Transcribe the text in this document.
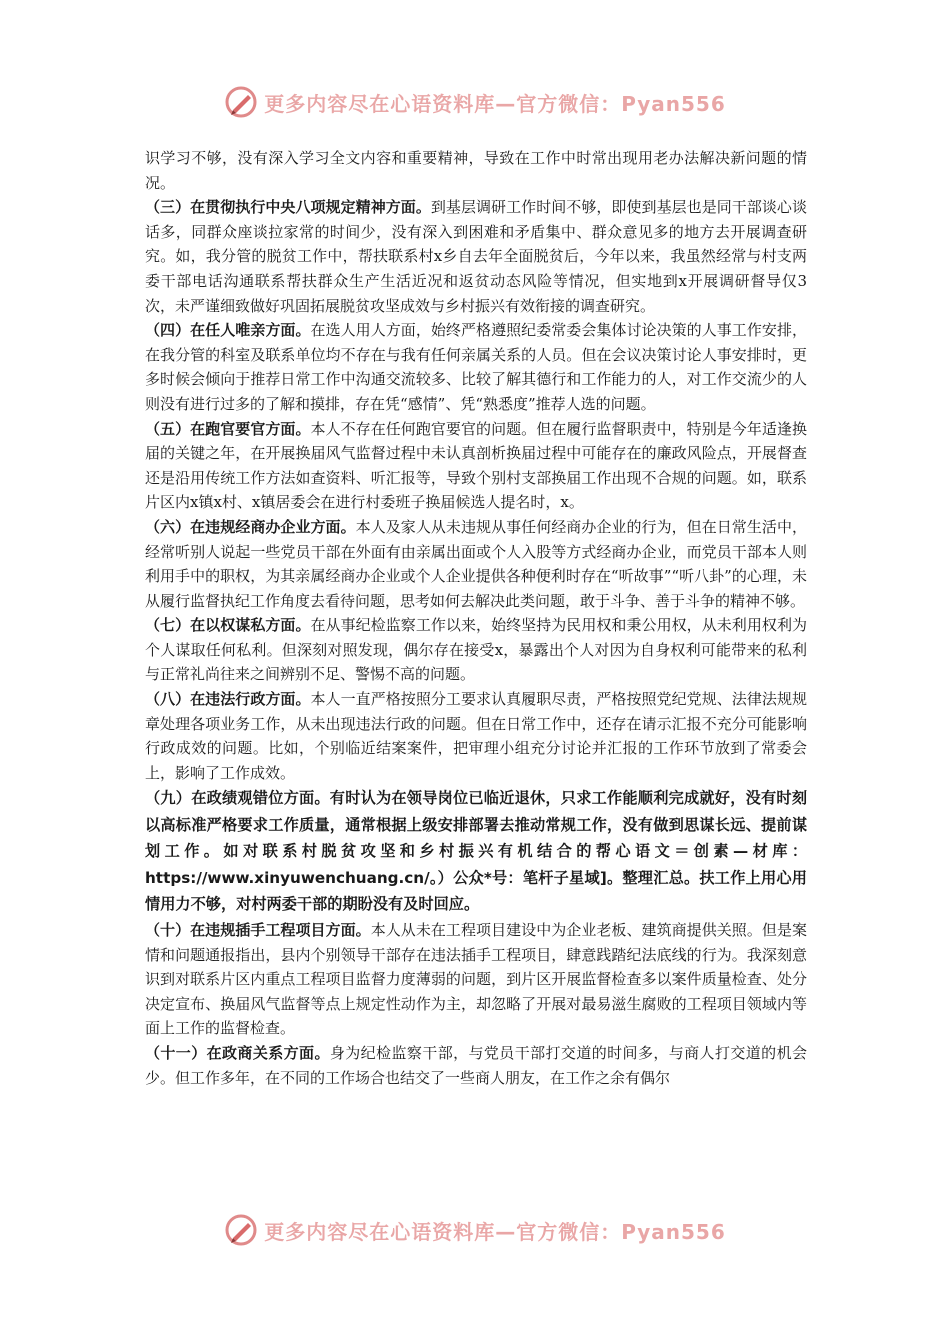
更多内容尽在心语资料库—官方微信：Pyan556

识学习不够，没有深入学习全文内容和重要精神，导致在工作中时常出现用老办法解决新问题的情况。

（三）在贯彻执行中央八项规定精神方面。到基层调研工作时间不够，即使到基层也是同干部谈心谈话多，同群众座谈拉家常的时间少，没有深入到困难和矛盾集中、群众意见多的地方去开展调查研究。如，我分管的脱贫工作中，帮扶联系村x乡自去年全面脱贫后，今年以来，我虽然经常与村支两委干部电话沟通联系帮扶群众生产生活近况和返贫动态风险等情况，但实地到x开展调研督导仅3次，未严谨细致做好巩固拓展脱贫攻坚成效与乡村振兴有效衔接的调查研究。

（四）在任人唯亲方面。在选人用人方面，始终严格遵照纪委常委会集体讨论决策的人事工作安排，在我分管的科室及联系单位均不存在与我有任何亲属关系的人员。但在会议决策讨论人事安排时，更多时候会倾向于推荐日常工作中沟通交流较多、比较了解其德行和工作能力的人，对工作交流少的人则没有进行过多的了解和摸排，存在凭“感情”、凭“熟悉度”推荐人选的问题。

（五）在跑官要官方面。本人不存在任何跑官要官的问题。但在履行监督职责中，特别是今年适逢换届的关键之年，在开展换届风气监督过程中未认真剖析换届过程中可能存在的廉政风险点，开展督查还是沿用传统工作方法如查资料、听汇报等，导致个别村支部换届工作出现不合规的问题。如，联系片区内x镇x村、x镇居委会在进行村委班子换届候选人提名时，x。

（六）在违规经商办企业方面。本人及家人从未违规从事任何经商办企业的行为，但在日常生活中，经常听别人说起一些党员干部在外面有由亲属出面或个人入股等方式经商办企业，而党员干部本人则利用手中的职权，为其亲属经商办企业或个人企业提供各种便利时存在“听故事”“听八卦”的心理，未从履行监督执纪工作角度去看待问题，思考如何去解决此类问题，敢于斗争、善于斗争的精神不够。

（七）在以权谋私方面。在从事纪检监察工作以来，始终坚持为民用权和秉公用权，从未利用权利为个人谋取任何私利。但深刻对照发现，偶尔存在接受x，暴露出个人对因为自身权利可能带来的私利与正常礼尚往来之间辨别不足、警惕不高的问题。

（八）在违法行政方面。本人一直严格按照分工要求认真履职尽责，严格按照党纪党规、法律法规规章处理各项业务工作，从未出现违法行政的问题。但在日常工作中，还存在请示汇报不充分可能影响行政成效的问题。比如，个别临近结案案件，把审理小组充分讨论并汇报的工作环节放到了常委会上，影响了工作成效。

（九）在政绩观错位方面。有时认为在领导岗位已临近退休，只求工作能顺利完成就好，没有时刻以高标准严格要求工作质量，通常根据上级安排部署去推动常规工作，没有做到思谋长远、提前谋划工作。如对联系村脱贫攻坚和乡村振兴有机结合的帮心语文＝创素—材库：https://www.xinyuwenchuang.cn/。）公众*号：笔杆子星域]。整理汇总。扶工作上用心用情用力不够，对村两委干部的期盼没有及时回应。

（十）在违规插手工程项目方面。本人从未在工程项目建设中为企业老板、建筑商提供关照。但是案情和问题通报指出，县内个别领导干部存在违法插手工程项目，肆意践踏纪法底线的行为。我深刻意识到对联系片区内重点工程项目监督力度薄弱的问题，到片区开展监督检查多以案件质量检查、处分决定宣布、换届风气监督等点上规定性动作为主，却忽略了开展对最易滋生腐败的工程项目领域内等面上工作的监督检查。

（十一）在政商关系方面。身为纪检监察干部，与党员干部打交道的时间多，与商人打交道的机会少。但工作多年，在不同的工作场合也结交了一些商人朋友，在工作之余有偶尔

更多内容尽在心语资料库—官方微信：Pyan556
